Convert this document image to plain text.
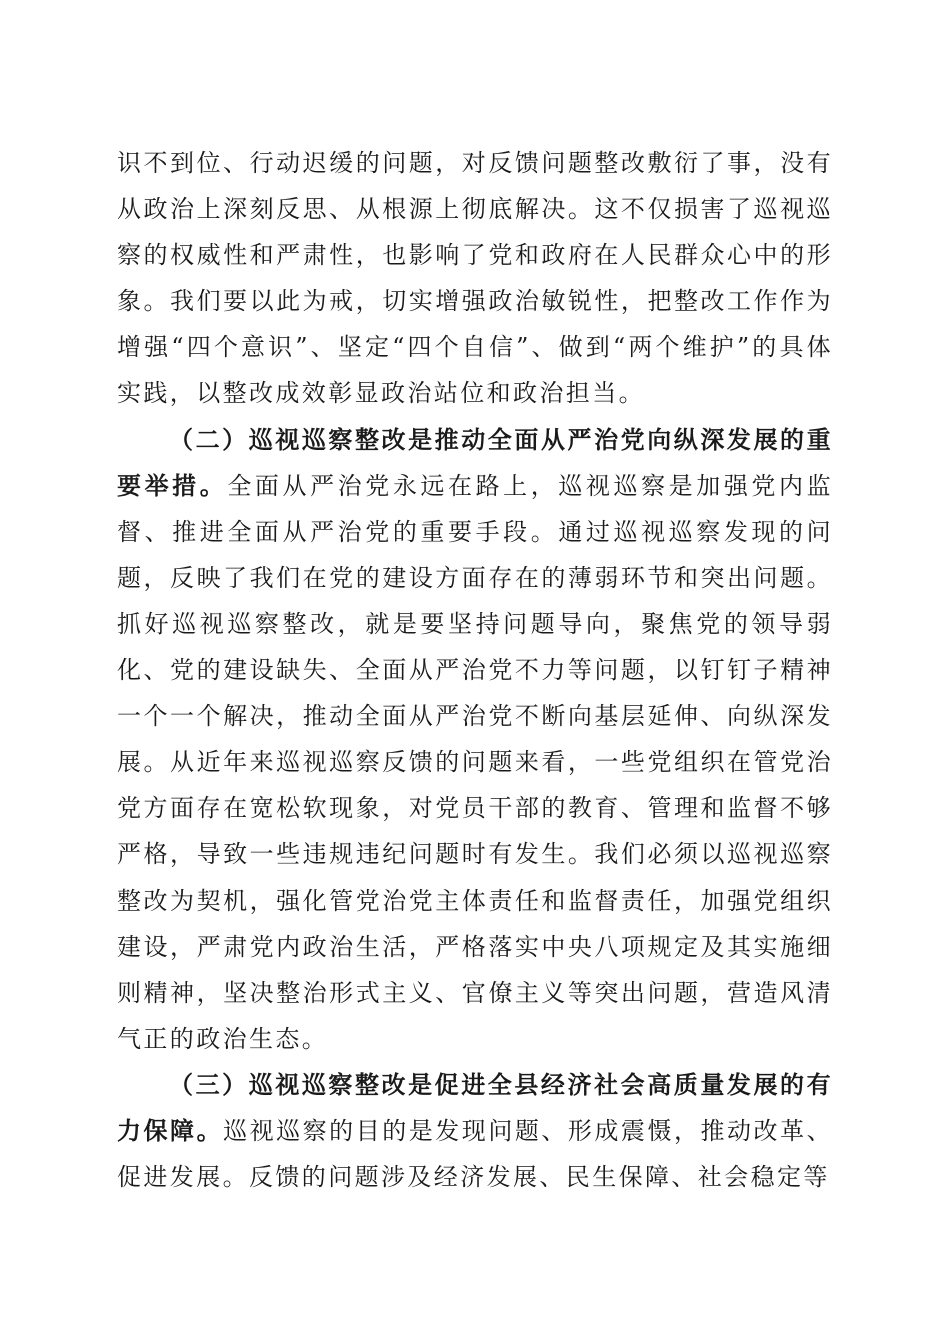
识不到位、行动迟缓的问题，对反馈问题整改敷衍了事，没有从政治上深刻反思、从根源上彻底解决。这不仅损害了巡视巡察的权威性和严肃性，也影响了党和政府在人民群众心中的形象。我们要以此为戒，切实增强政治敏锐性，把整改工作作为增强“四个意识”、坚定“四个自信”、做到“两个维护”的具体实践，以整改成效彰显政治站位和政治担当。

（二）巡视巡察整改是推动全面从严治党向纵深发展的重要举措。全面从严治党永远在路上，巡视巡察是加强党内监督、推进全面从严治党的重要手段。通过巡视巡察发现的问题，反映了我们在党的建设方面存在的薄弱环节和突出问题。抓好巡视巡察整改，就是要坚持问题导向，聚焦党的领导弱化、党的建设缺失、全面从严治党不力等问题，以钉钉子精神一个一个解决，推动全面从严治党不断向基层延伸、向纵深发展。从近年来巡视巡察反馈的问题来看，一些党组织在管党治党方面存在宽松软现象，对党员干部的教育、管理和监督不够严格，导致一些违规违纪问题时有发生。我们必须以巡视巡察整改为契机，强化管党治党主体责任和监督责任，加强党组织建设，严肃党内政治生活，严格落实中央八项规定及其实施细则精神，坚决整治形式主义、官僚主义等突出问题，营造风清气正的政治生态。

（三）巡视巡察整改是促进全县经济社会高质量发展的有力保障。巡视巡察的目的是发现问题、形成震慑，推动改革、促进发展。反馈的问题涉及经济发展、民生保障、社会稳定等
